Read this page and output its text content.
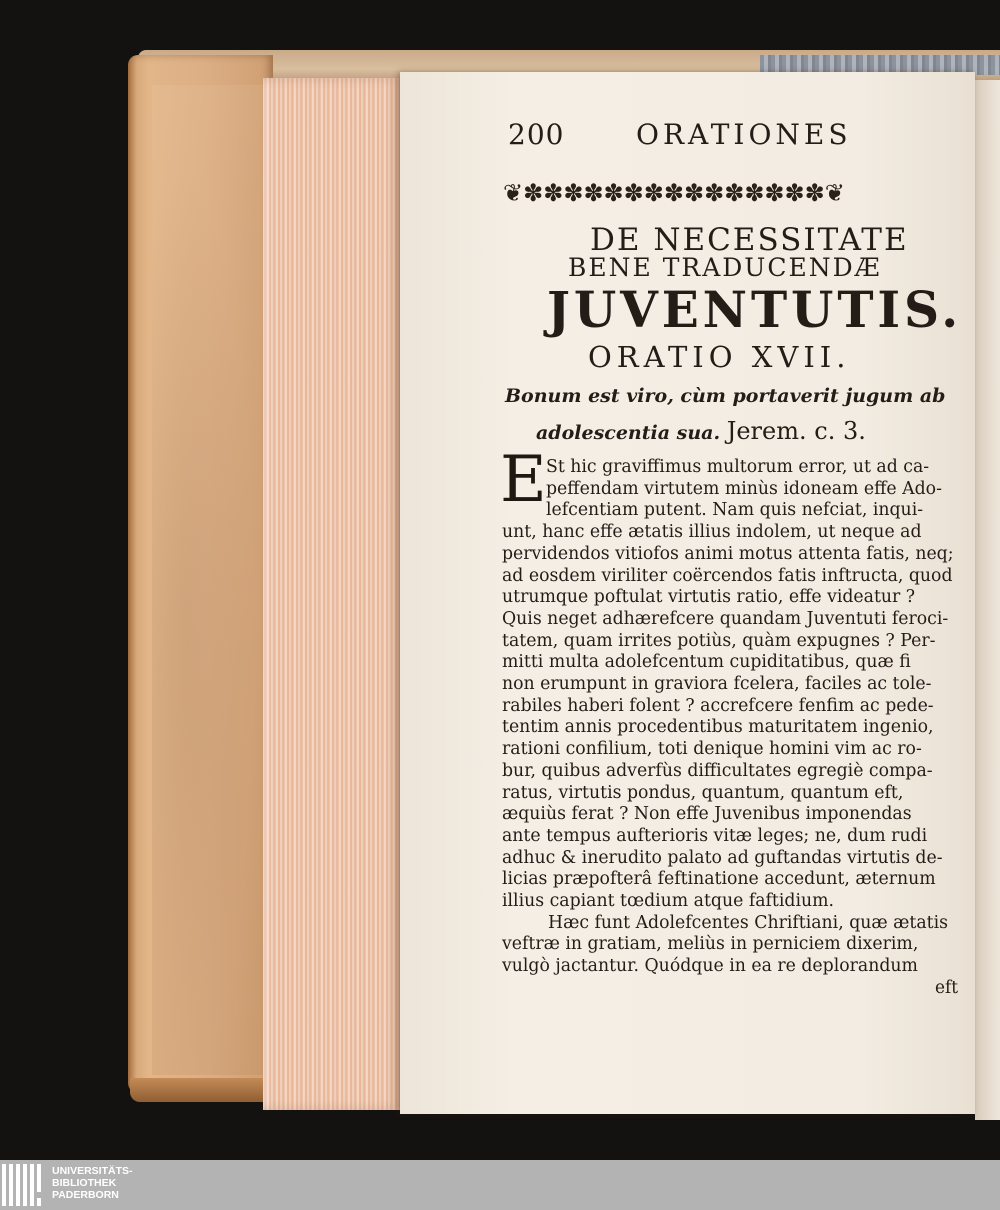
200	ORATIONES
❦✽✽✽✽✽✽✽✽✽✽✽✽✽✽✽❦
DE NECESSITATE
BENE TRADUCENDÆ
JUVENTUTIS.
ORATIO XVII.
Bonum est viro, cùm portaverit jugum ab
adolescentia sua. Jerem. c. 3.
E St hic graviffimus multorum error, ut ad ca-
peffendam virtutem minùs idoneam effe Ado-
lefcentiam putent. Nam quis nefciat, inqui-
unt, hanc effe ætatis illius indolem, ut neque ad
pervidendos vitiofos animi motus attenta fatis, neq;
ad eosdem viriliter coërcendos fatis inftructa, quod
utrumque poftulat virtutis ratio, effe videatur ?
Quis neget adhærefcere quandam Juventuti feroci-
tatem, quam irrites potiùs, quàm expugnes ? Per-
mitti multa adolefcentum cupiditatibus, quæ fi
non erumpunt in graviora fcelera, faciles ac tole-
rabiles haberi folent ? accrefcere fenfim ac pede-
tentim annis procedentibus maturitatem ingenio,
rationi confilium, toti denique homini vim ac ro-
bur, quibus adverfùs difficultates egregiè compa-
ratus, virtutis pondus, quantum, quantum eft,
æquiùs ferat ? Non effe Juvenibus imponendas
ante tempus aufterioris vitæ leges; ne, dum rudi
adhuc & inerudito palato ad guftandas virtutis de-
licias præpofterâ feftinatione accedunt, æternum
illius capiant tœdium atque faftidium.
Hæc funt Adolefcentes Chriftiani, quæ ætatis
veftræ in gratiam, meliùs in perniciem dixerim,
vulgò jactantur. Quódque in ea re deplorandum
eft
UNIVERSITÄTS-
BIBLIOTHEK
PADERBORN
